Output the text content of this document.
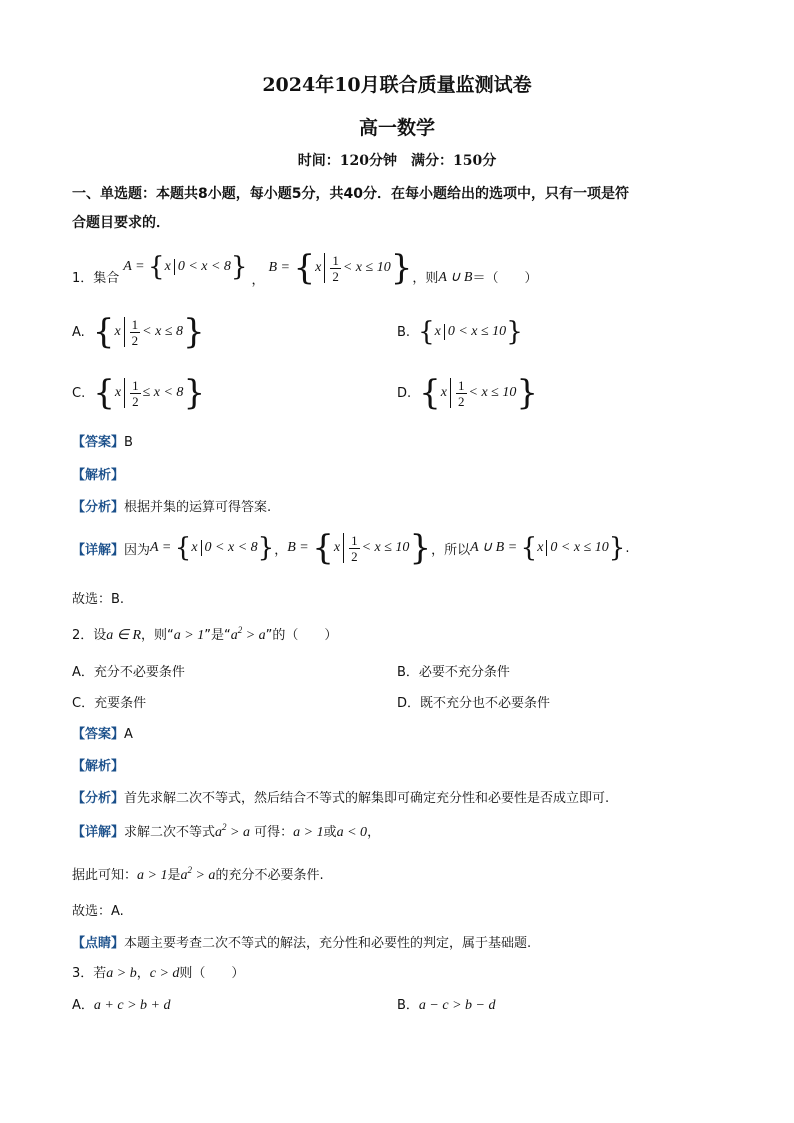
2024年10月联合质量监测试卷
高一数学
时间：120分钟　满分：150分
一、单选题：本题共8小题，每小题5分，共40分．在每小题给出的选项中，只有一项是符
合题目要求的．
1．集合
A = {x 0 < x < 8} ，
$B = \{x \frac{1}{2} < x \le 10\}$ ，则 A ∪ B ＝（　　）
A. $\{x \frac{1}{2} < x \le 8\}$	B. {x 0 < x ≤ 10}
C. $\{x \frac{1}{2} \le x < 8\}$	D. $\{x \frac{1}{2} < x \le 10\}$
【答案】B
【解析】
【分析】根据并集的运算可得答案.
【详解】 因为 A = {x 0 < x < 8} ， $B = \{x \frac{1}{2} < x \le 10\}$ ，所以 A ∪ B = {x 0 < x ≤ 10} .
故选：B.
2．设a ∈ R，则“a > 1”是“$a^2 > a$”的（　　）
A．充分不必要条件	B．必要不充分条件
C．充要条件	D．既不充分也不必要条件
【答案】A
【解析】
【分析】首先求解二次不等式，然后结合不等式的解集即可确定充分性和必要性是否成立即可.
【详解】求解二次不等式$a^2 > a$ 可得：a > 1或a < 0，
据此可知：a > 1是$a^2 > a$的充分不必要条件.
故选：A.
【点睛】本题主要考查二次不等式的解法，充分性和必要性的判定，属于基础题.
3．若a > b，c > d则（　　）
A．a + c > b + d	B．a − c > b − d
